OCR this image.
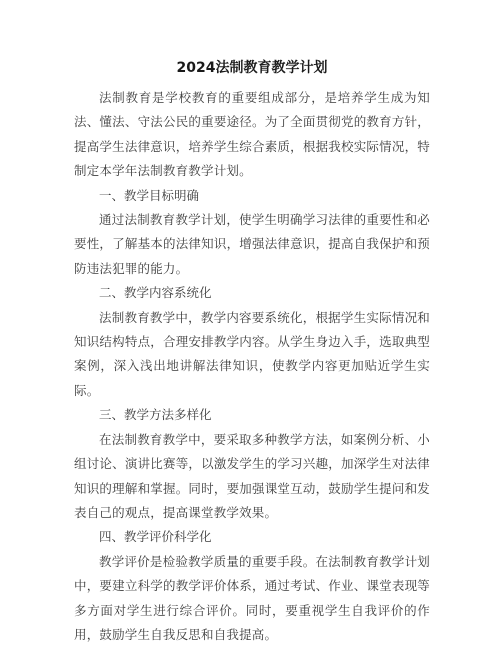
2024法制教育教学计划

法制教育是学校教育的重要组成部分，是培养学生成为知法、懂法、守法公民的重要途径。为了全面贯彻党的教育方针，提高学生法律意识，培养学生综合素质，根据我校实际情况，特制定本学年法制教育教学计划。

一、教学目标明确

通过法制教育教学计划，使学生明确学习法律的重要性和必要性，了解基本的法律知识，增强法律意识，提高自我保护和预防违法犯罪的能力。

二、教学内容系统化

法制教育教学中，教学内容要系统化，根据学生实际情况和知识结构特点，合理安排教学内容。从学生身边入手，选取典型案例，深入浅出地讲解法律知识，使教学内容更加贴近学生实际。

三、教学方法多样化

在法制教育教学中，要采取多种教学方法，如案例分析、小组讨论、演讲比赛等，以激发学生的学习兴趣，加深学生对法律知识的理解和掌握。同时，要加强课堂互动，鼓励学生提问和发表自己的观点，提高课堂教学效果。

四、教学评价科学化

教学评价是检验教学质量的重要手段。在法制教育教学计划中，要建立科学的教学评价体系，通过考试、作业、课堂表现等多方面对学生进行综合评价。同时，要重视学生自我评价的作用，鼓励学生自我反思和自我提高。
